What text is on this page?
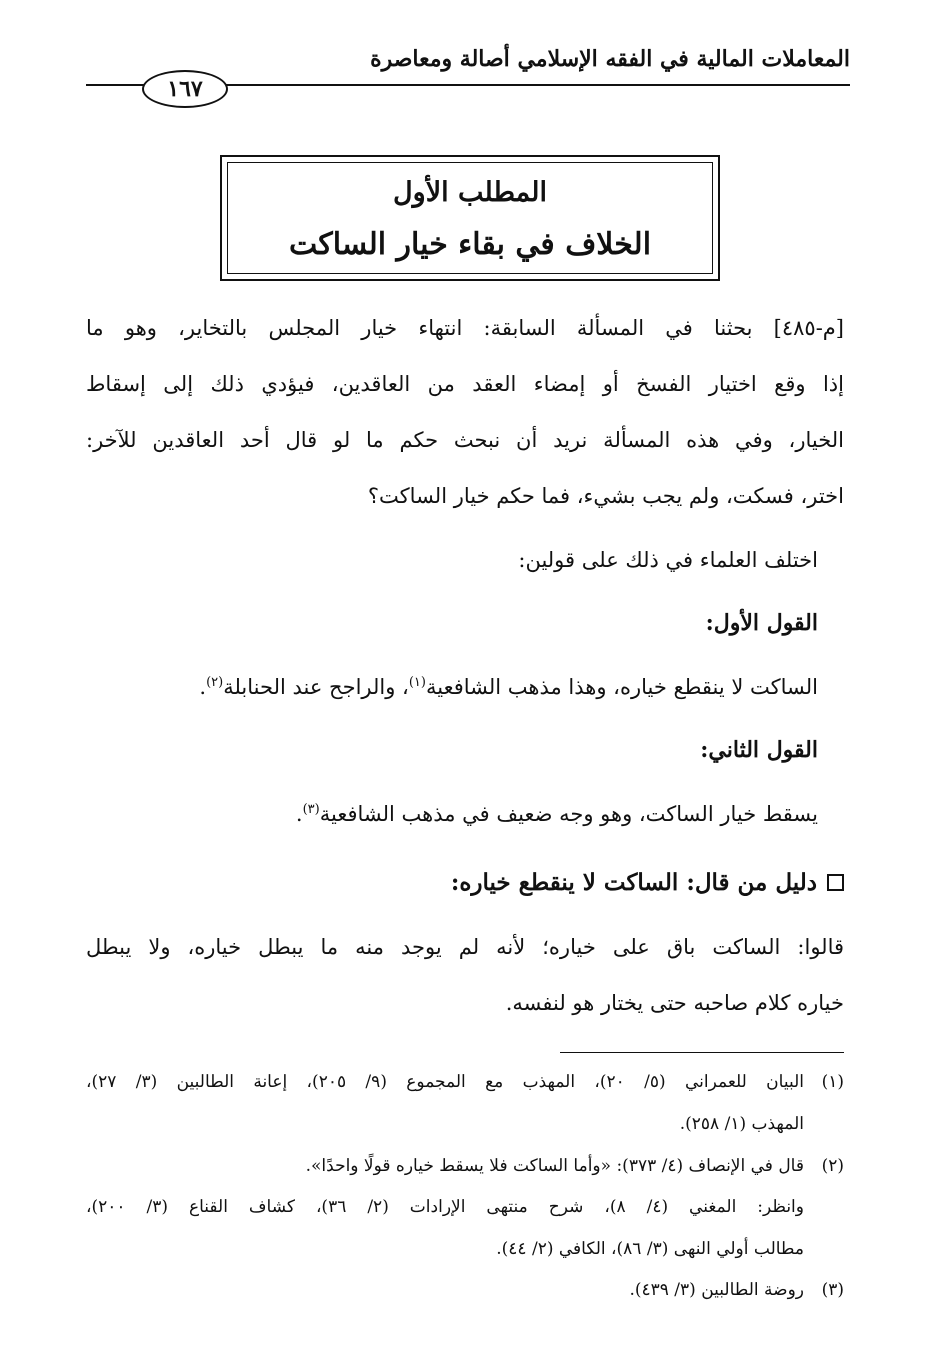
المعاملات المالية في الفقه الإسلامي أصالة ومعاصرة
١٦٧
المطلب الأول
الخلاف في بقاء خيار الساكت
[م-٤٨٥] بحثنا في المسألة السابقة: انتهاء خيار المجلس بالتخاير، وهو ما
إذا وقع اختيار الفسخ أو إمضاء العقد من العاقدين، فيؤدي ذلك إلى إسقاط
الخيار، وفي هذه المسألة نريد أن نبحث حكم ما لو قال أحد العاقدين للآخر:
اختر، فسكت، ولم يجب بشيء، فما حكم خيار الساكت؟
اختلف العلماء في ذلك على قولين:
القول الأول:
الساكت لا ينقطع خياره، وهذا مذهب الشافعية$^{(١)}$، والراجح عند الحنابلة$^{(٢)}$.
القول الثاني:
يسقط خيار الساكت، وهو وجه ضعيف في مذهب الشافعية$^{(٣)}$.
دليل من قال: الساكت لا ينقطع خياره:
قالوا: الساكت باق على خياره؛ لأنه لم يوجد منه ما يبطل خياره، ولا يبطل
خياره كلام صاحبه حتى يختار هو لنفسه.
(١)
البيان للعمراني (٥/ ٢٠)، المهذب مع المجموع (٩/ ٢٠٥)، إعانة الطالبين (٣/ ٢٧)،
المهذب (١/ ٢٥٨).
(٢)
قال في الإنصاف (٤/ ٣٧٣): «وأما الساكت فلا يسقط خياره قولًا واحدًا».
وانظر: المغني (٤/ ٨)، شرح منتهى الإرادات (٢/ ٣٦)، كشاف القناع (٣/ ٢٠٠)،
مطالب أولي النهى (٣/ ٨٦)، الكافي (٢/ ٤٤).
(٣)
روضة الطالبين (٣/ ٤٣٩).
